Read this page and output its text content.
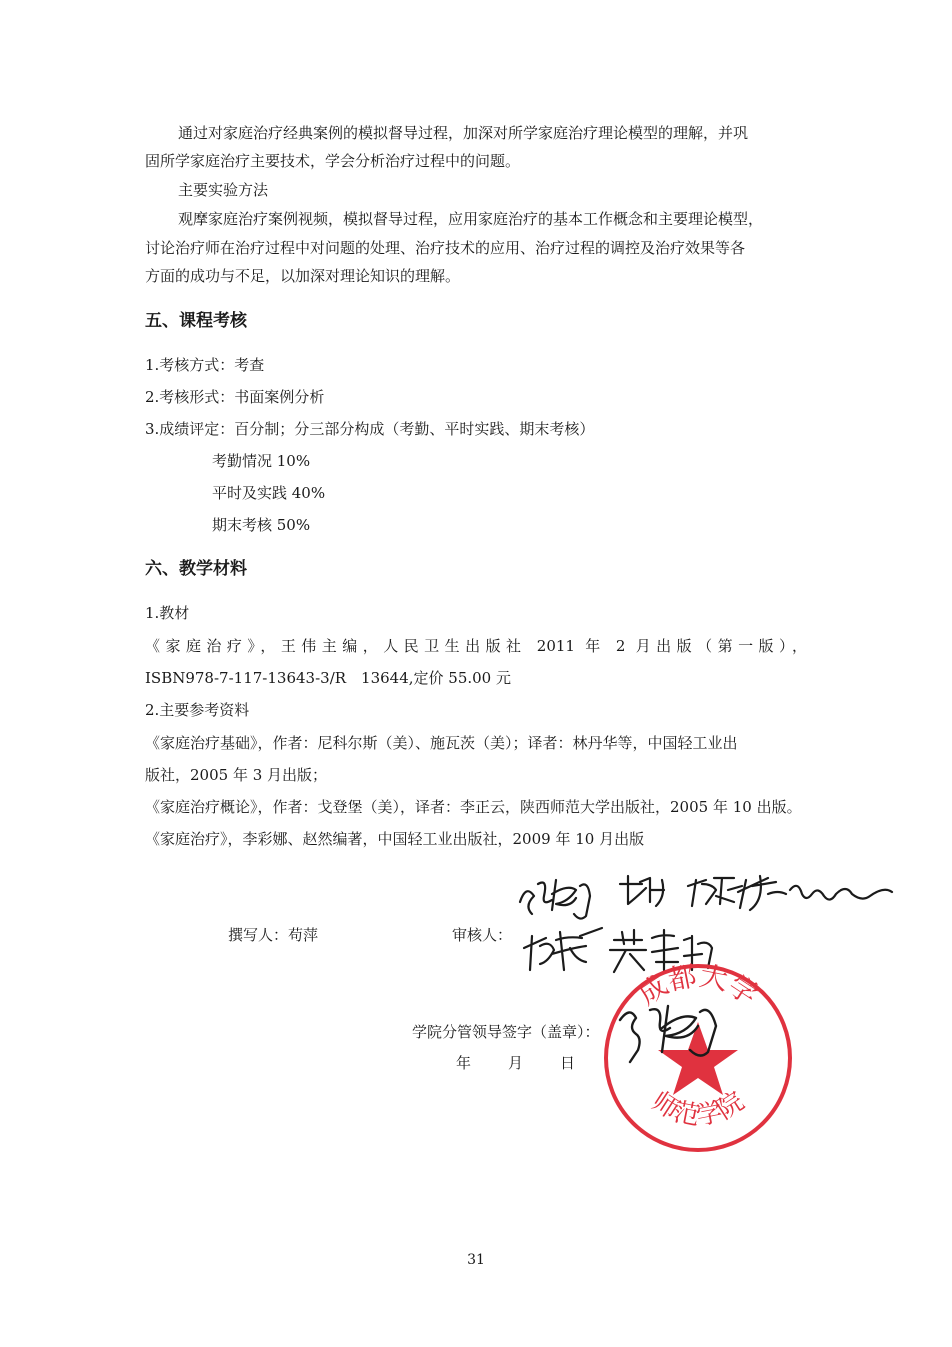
通过对家庭治疗经典案例的模拟督导过程，加深对所学家庭治疗理论模型的理解，并巩
固所学家庭治疗主要技术，学会分析治疗过程中的问题。
主要实验方法
观摩家庭治疗案例视频，模拟督导过程，应用家庭治疗的基本工作概念和主要理论模型，
讨论治疗师在治疗过程中对问题的处理、治疗技术的应用、治疗过程的调控及治疗效果等各
方面的成功与不足，以加深对理论知识的理解。
五、课程考核
1.考核方式：考查
2.考核形式：书面案例分析
3.成绩评定：百分制；分三部分构成（考勤、平时实践、期末考核）
考勤情况 10%
平时及实践 40%
期末考核 50%
六、教学材料
1.教材
《家庭治疗》，王伟主编，人民卫生出版社 2011 年 2 月出版（第一版），
ISBN978-7-117-13643-3/R　13644,定价 55.00 元
2.主要参考资料
《家庭治疗基础》，作者：尼科尔斯（美）、施瓦茨（美）；译者：林丹华等，中国轻工业出
版社，2005 年 3 月出版；
《家庭治疗概论》，作者：戈登堡（美），译者：李正云，陕西师范大学出版社，2005 年 10 出版。
《家庭治疗》，李彩娜、赵然编著，中国轻工业出版社，2009 年 10 月出版
撰写人：苟萍	审核人：
学院分管领导签字（盖章）：
年 月 日
成都大学
师范学院
31
